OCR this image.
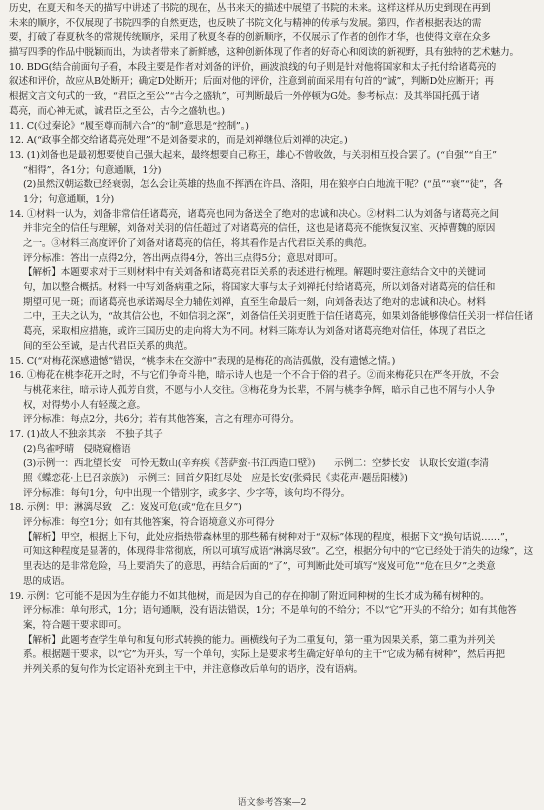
历史，在夏天和冬天的描写中讲述了书院的现在，丛书来天的描述中展望了书院的未来。这样这样从历史到现在再到
未来的顺序，不仅展现了书院四季的自然更迭，也反映了书院文化与精神的传承与发展。第四，作者根据表达的需
要，打破了春夏秋冬的常规传统顺序，采用了秋夏冬春的创新顺序，不仅展示了作者的创作才华，也使得文章在众多
描写四季的作品中脱颖而出，为读者带来了新鲜感，这种创新体现了作者的好奇心和阅读的新视野，具有独特的艺术魅力。
10. BDG(结合前面句子看，本段主要是作者对刘备的评价，画波浪线的句子则是针对他将国家和太子托付给诸葛亮的
叙述和评价，故应从B处断开；确定D处断开；后面对他的评价，注意到前面采用有句首的“诚”，判断D处应断开；再
根据文言文句式的一致，“君臣之至公”“古今之盛轨”，可判断最后一外停顿为G处。参考标点：及其举国托孤于诸
葛亮，而心神无贰，诚君臣之至公，古今之盛轨也。)
11. C(《过秦论》“履至尊而制六合”的“制”意思是“控制”。)
12. A(“政事全都交给诸葛亮处理”不是刘备要求的，而是刘禅继位后刘禅的决定。)
13. (1)刘备也是最初想要使自己强大起来，最终想要自己称王，雄心不曾收敛，与关羽相互投合罢了。(“自强”“自王”
“相得”，各1分；句意通顺，1分)
(2)虽然汉朝运数已经衰弱，怎么会让英雄的热血不挥洒在许昌、洛阳，用在狼亭白白地流干呢？(“虽”“衰”“徒”，各
1分；句意通顺，1分)
14. ①材料一认为，刘备非常信任诸葛亮，诸葛亮也同为备送全了绝对的忠诚和决心。②材料二认为刘备与诸葛亮之间
并非完全的信任与理解，刘备对关羽的信任超过了对诸葛亮的信任，这也是诸葛亮不能恢复汉室、灭掉曹魏的原因
之一。③材料三高度评价了刘备对诸葛亮的信任，将其看作是古代君臣关系的典范。
评分标准：答出一点得2分，答出两点得4分，答出三点得5分；意思对即可。
【解析】本题要求对于三则材料中有关刘备和诸葛亮君臣关系的表述进行梳理。解题时要注意结合文中的关键词
句，加以整合概括。材料一中写刘备病重之际，将国家大事与太子刘禅托付给诸葛亮，所以刘备对诸葛亮的信任和
期望可见一斑；而诸葛亮也承诺竭尽全力辅佐刘禅，直至生命最后一刻，向刘备表达了绝对的忠诚和决心。材料
二中，王夫之认为，“故其信公也，不如信羽之深”，刘备信任关羽更胜于信任诸葛亮，如果刘备能够像信任关羽一样信任诸
葛亮，采取相应措施，或许三国历史的走向将大为不同。材料三陈寿认为刘备对诸葛亮绝对信任，体现了君臣之
间的至公至诚，是古代君臣关系的典范。
15. C(“对梅花深感遗憾”错误，“桃李未在交游中”表现的是梅花的高洁孤傲，没有遗憾之情。)
16. ①梅花在桃李花开之时，不与它们争奇斗艳，暗示诗人也是一个不合于俗的君子。②而来梅花只在严冬开放，不会
与桃花来往，暗示诗人孤芳自赏，不愿与小人交往。③梅花身为长辈，不屑与桃李争辉，暗示自己也不屑与小人争
权，对得势小人有轻蔑之意。
评分标准：每点2分，共6分；若有其他答案，言之有理亦可得分。
17. (1)故人不独亲其亲　不独子其子
(2)鸟雀呼晴　侵晓窥檐语
(3)示例一：西北望长安　可怜无数山(辛弃疾《菩萨蛮·书江西造口壁》)　　示例二：空梦长安　认取长安道(李清
照《蝶恋花·上巳召亲族》)　示例三：回首夕阳红尽处　应是长安(张舜民《卖花声·题岳阳楼》)
评分标准：每句1分，句中出现一个错别字，或多字、少字等，该句均不得分。
18. 示例：甲：淋漓尽致　乙：岌岌可危(或“危在旦夕”)
评分标准：每空1分；如有其他答案，符合语境意义亦可得分
【解析】甲空，根据上下句，此处应指热带森林里的那些稀有树种对于“双标”体现的程度，根据下文“换句话说……”，
可知这种程度是显著的，体现得非常彻底，所以可填写成语“淋漓尽致”。乙空，根据分句中的“它已经处于消失的边缘”，这
里表达的是非常危险，马上要消失了的意思，再结合后面的“了”，可判断此处可填写“岌岌可危”“危在旦夕”之类意
思的成语。
19. 示例：它可能不是因为生存能力不如其他树，而是因为自己的存在抑制了附近同种树的生长才成为稀有树种的。
评分标准：单句形式，1分；语句通顺，没有语法错误，1分；不是单句的不给分；不以“它”开头的不给分；如有其他答
案，符合题干要求即可。
【解析】此题考查学生单句和复句形式转换的能力。画横线句子为二重复句，第一重为因果关系，第二重为并列关
系。根据题干要求，以“它”为开头，写一个单句，实际上是要求考生确定好单句的主干“它成为稀有树种”，然后再把
并列关系的复句作为长定语补充到主干中，并注意修改后单句的语序，没有语病。
语文参考答案—2
